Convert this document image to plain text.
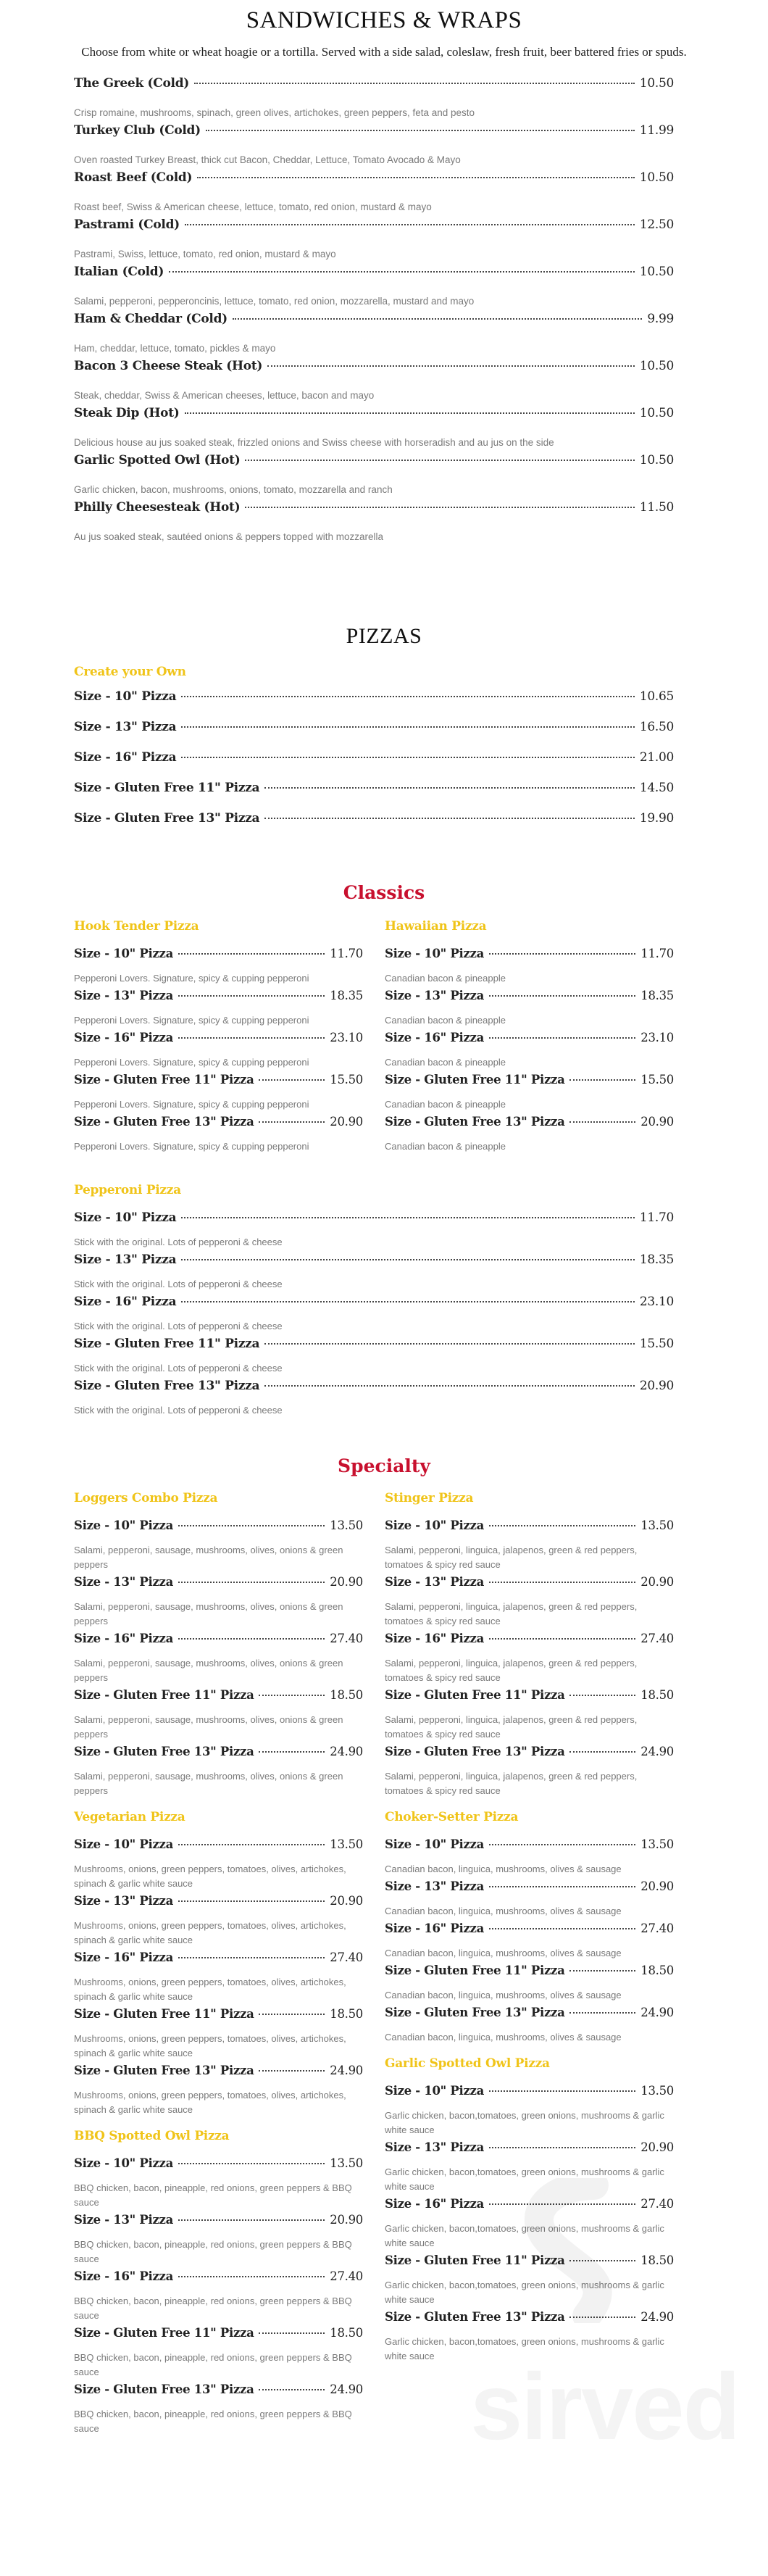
SANDWICHES & WRAPS

Choose from white or wheat hoagie or a tortilla. Served with a side salad, coleslaw, fresh fruit, beer battered fries or spuds.

The Greek (Cold)	10.50
Crisp romaine, mushrooms, spinach, green olives, artichokes, green peppers, feta and pesto
Turkey Club (Cold)	11.99
Oven roasted Turkey Breast, thick cut Bacon, Cheddar, Lettuce, Tomato Avocado & Mayo
Roast Beef (Cold)	10.50
Roast beef, Swiss & American cheese, lettuce, tomato, red onion, mustard & mayo
Pastrami (Cold)	12.50
Pastrami, Swiss, lettuce, tomato, red onion, mustard & mayo
Italian (Cold)	10.50
Salami, pepperoni, pepperoncinis, lettuce, tomato, red onion, mozzarella, mustard and mayo
Ham & Cheddar (Cold)	9.99
Ham, cheddar, lettuce, tomato, pickles & mayo
Bacon 3 Cheese Steak (Hot)	10.50
Steak, cheddar, Swiss & American cheeses, lettuce, bacon and mayo
Steak Dip (Hot)	10.50
Delicious house au jus soaked steak, frizzled onions and Swiss cheese with horseradish and au jus on the side
Garlic Spotted Owl (Hot)	10.50
Garlic chicken, bacon, mushrooms, onions, tomato, mozzarella and ranch
Philly Cheesesteak (Hot)	11.50
Au jus soaked steak, sautéed onions & peppers topped with mozzarella
PIZZAS
Create your Own
Size - 10" Pizza	10.65
Size - 13" Pizza	16.50
Size - 16" Pizza	21.00
Size - Gluten Free 11" Pizza	14.50
Size - Gluten Free 13" Pizza	19.90
Classics
Hook Tender Pizza
Size - 10" Pizza	11.70
Pepperoni Lovers. Signature, spicy & cupping pepperoni
Size - 13" Pizza	18.35
Pepperoni Lovers. Signature, spicy & cupping pepperoni
Size - 16" Pizza	23.10
Pepperoni Lovers. Signature, spicy & cupping pepperoni
Size - Gluten Free 11" Pizza	15.50
Pepperoni Lovers. Signature, spicy & cupping pepperoni
Size - Gluten Free 13" Pizza	20.90
Pepperoni Lovers. Signature, spicy & cupping pepperoni
Hawaiian Pizza
Size - 10" Pizza	11.70
Canadian bacon & pineapple
Size - 13" Pizza	18.35
Canadian bacon & pineapple
Size - 16" Pizza	23.10
Canadian bacon & pineapple
Size - Gluten Free 11" Pizza	15.50
Canadian bacon & pineapple
Size - Gluten Free 13" Pizza	20.90
Canadian bacon & pineapple
Pepperoni Pizza
Size - 10" Pizza	11.70
Stick with the original. Lots of pepperoni & cheese
Size - 13" Pizza	18.35
Stick with the original. Lots of pepperoni & cheese
Size - 16" Pizza	23.10
Stick with the original. Lots of pepperoni & cheese
Size - Gluten Free 11" Pizza	15.50
Stick with the original. Lots of pepperoni & cheese
Size - Gluten Free 13" Pizza	20.90
Stick with the original. Lots of pepperoni & cheese
Specialty
Loggers Combo Pizza
Size - 10" Pizza	13.50
Salami, pepperoni, sausage, mushrooms, olives, onions & green peppers
Size - 13" Pizza	20.90
Salami, pepperoni, sausage, mushrooms, olives, onions & green peppers
Size - 16" Pizza	27.40
Salami, pepperoni, sausage, mushrooms, olives, onions & green peppers
Size - Gluten Free 11" Pizza	18.50
Salami, pepperoni, sausage, mushrooms, olives, onions & green peppers
Size - Gluten Free 13" Pizza	24.90
Salami, pepperoni, sausage, mushrooms, olives, onions & green peppers
Vegetarian Pizza
Size - 10" Pizza	13.50
Mushrooms, onions, green peppers, tomatoes, olives, artichokes, spinach & garlic white sauce
Size - 13" Pizza	20.90
Mushrooms, onions, green peppers, tomatoes, olives, artichokes, spinach & garlic white sauce
Size - 16" Pizza	27.40
Mushrooms, onions, green peppers, tomatoes, olives, artichokes, spinach & garlic white sauce
Size - Gluten Free 11" Pizza	18.50
Mushrooms, onions, green peppers, tomatoes, olives, artichokes, spinach & garlic white sauce
Size - Gluten Free 13" Pizza	24.90
Mushrooms, onions, green peppers, tomatoes, olives, artichokes, spinach & garlic white sauce
BBQ Spotted Owl Pizza
Size - 10" Pizza	13.50
BBQ chicken, bacon, pineapple, red onions, green peppers & BBQ sauce
Size - 13" Pizza	20.90
BBQ chicken, bacon, pineapple, red onions, green peppers & BBQ sauce
Size - 16" Pizza	27.40
BBQ chicken, bacon, pineapple, red onions, green peppers & BBQ sauce
Size - Gluten Free 11" Pizza	18.50
BBQ chicken, bacon, pineapple, red onions, green peppers & BBQ sauce
Size - Gluten Free 13" Pizza	24.90
BBQ chicken, bacon, pineapple, red onions, green peppers & BBQ sauce
Stinger Pizza
Size - 10" Pizza	13.50
Salami, pepperoni, linguica, jalapenos, green & red peppers, tomatoes & spicy red sauce
Size - 13" Pizza	20.90
Salami, pepperoni, linguica, jalapenos, green & red peppers, tomatoes & spicy red sauce
Size - 16" Pizza	27.40
Salami, pepperoni, linguica, jalapenos, green & red peppers, tomatoes & spicy red sauce
Size - Gluten Free 11" Pizza	18.50
Salami, pepperoni, linguica, jalapenos, green & red peppers, tomatoes & spicy red sauce
Size - Gluten Free 13" Pizza	24.90
Salami, pepperoni, linguica, jalapenos, green & red peppers, tomatoes & spicy red sauce
Choker-Setter Pizza
Size - 10" Pizza	13.50
Canadian bacon, linguica, mushrooms, olives & sausage
Size - 13" Pizza	20.90
Canadian bacon, linguica, mushrooms, olives & sausage
Size - 16" Pizza	27.40
Canadian bacon, linguica, mushrooms, olives & sausage
Size - Gluten Free 11" Pizza	18.50
Canadian bacon, linguica, mushrooms, olives & sausage
Size - Gluten Free 13" Pizza	24.90
Canadian bacon, linguica, mushrooms, olives & sausage
Garlic Spotted Owl Pizza
Size - 10" Pizza	13.50
Garlic chicken, bacon,tomatoes, green onions, mushrooms & garlic white sauce
Size - 13" Pizza	20.90
Garlic chicken, bacon,tomatoes, green onions, mushrooms & garlic white sauce
Size - 16" Pizza	27.40
Garlic chicken, bacon,tomatoes, green onions, mushrooms & garlic white sauce
Size - Gluten Free 11" Pizza	18.50
Garlic chicken, bacon,tomatoes, green onions, mushrooms & garlic white sauce
Size - Gluten Free 13" Pizza	24.90
Garlic chicken, bacon,tomatoes, green onions, mushrooms & garlic white sauce
